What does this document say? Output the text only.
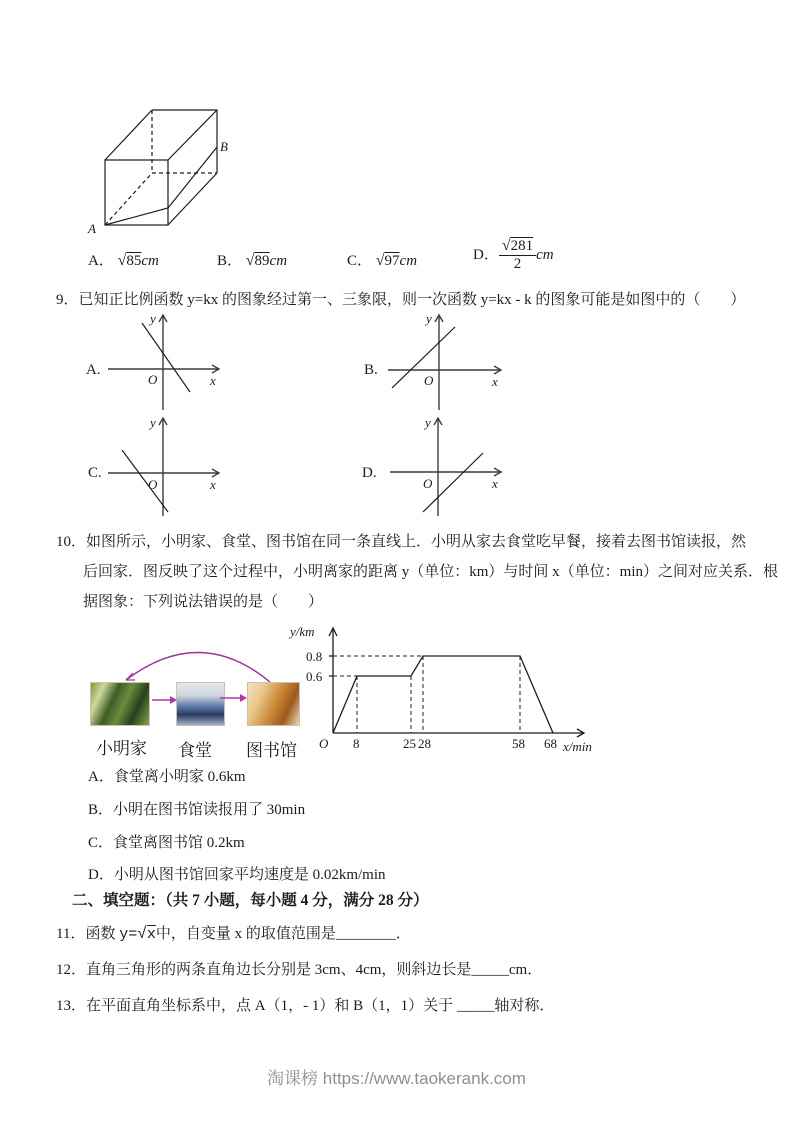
A
B
A． √85cm	B． √89cm	C． √97cm	D． $\frac{√281}{2}$ cm
9．已知正比例函数 y=kx 的图象经过第一、三象限，则一次函数 y=kx - k 的图象可能是如图中的（　　）
A.
y
x
O
B.
y
x
O
C.
y
x
O
D.
y
x
O
10．如图所示，小明家、食堂、图书馆在同一条直线上．小明从家去食堂吃早餐，接着去图书馆读报，然
后回家．图反映了这个过程中，小明离家的距离 y（单位：km）与时间 x（单位：min）之间对应关系．根
据图象：下列说法错误的是（　　）
小明家 食堂 图书馆
y/km
0.8
0.6
O 8	25 28	58 68 x/min
A．食堂离小明家 0.6km
B．小明在图书馆读报用了 30min
C．食堂离图书馆 0.2km
D．小明从图书馆回家平均速度是 0.02km/min
二、填空题：（共 7 小题，每小题 4 分，满分 28 分）
11．函数 y=√x中，自变量 x 的取值范围是________．
12．直角三角形的两条直角边长分别是 3cm、4cm，则斜边长是_____cm．
13．在平面直角坐标系中，点 A（1，- 1）和 B（1，1）关于 _____轴对称．
淘课榜 https://www.taokerank.com
